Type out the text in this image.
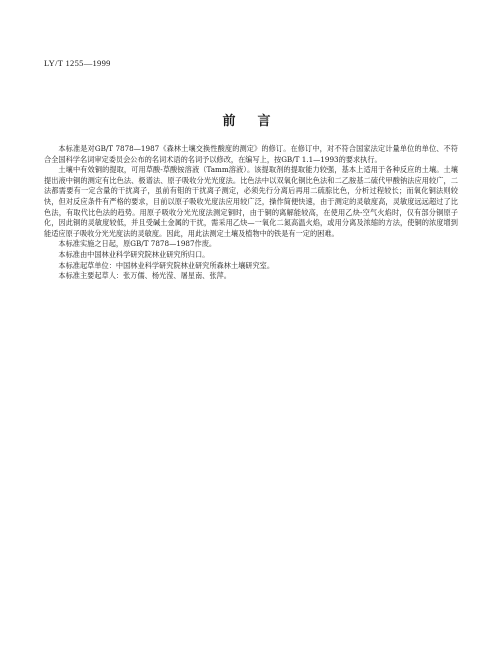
LY/T 1255—1999
前言

本标准是对GB/T 7878—1987《森林土壤交换性酸度的测定》的修订。在修订中，对不符合国家法定计量单位的单位、不符合全国科学名词审定委员会公布的名词术语的名词予以修改，在编写上，按GB/T 1.1—1993的要求执行。

土壤中有效铜的提取，可用草酸-草酸铵溶液（Tamm溶液）。该提取剂的提取能力较强，基本上适用于各种反应的土壤。土壤提出液中铜的测定有比色法、极谱法、原子吸收分光光度法。比色法中以双氧化铜比色法和二乙胺基二硫代甲酸钠法应用较广，二法都需要有一定含量的干扰离子，虽前有钼的干扰离子测定，必须先行分离后再用二硫腙比色，分析过程较长；而氧化铜法则较快，但对反应条件有严格的要求，目前以原子吸收光度法应用较广泛，操作简便快速，由于测定的灵敏度高，灵敏度远远超过了比色法，有取代比色法的趋势。用原子吸收分光光度法测定铜时，由于铜的离解能较高，在使用乙炔-空气火焰时，仅有部分铜原子化，因此铜的灵敏度较低，并且受碱土金属的干扰，需采用乙炔—一氧化二氮高温火焰，或用分离及浓缩的方法，使铜的浓度增到能适应原子吸收分光光度法的灵敏度。因此，用此法测定土壤及植物中的铁是有一定的困难。

本标准实施之日起，原GB/T 7878—1987作废。

本标准由中国林业科学研究院林业研究所归口。

本标准起草单位：中国林业科学研究院林业研究所森林土壤研究室。

本标准主要起草人：张万儒、杨光滢、屠星南、张萍。
